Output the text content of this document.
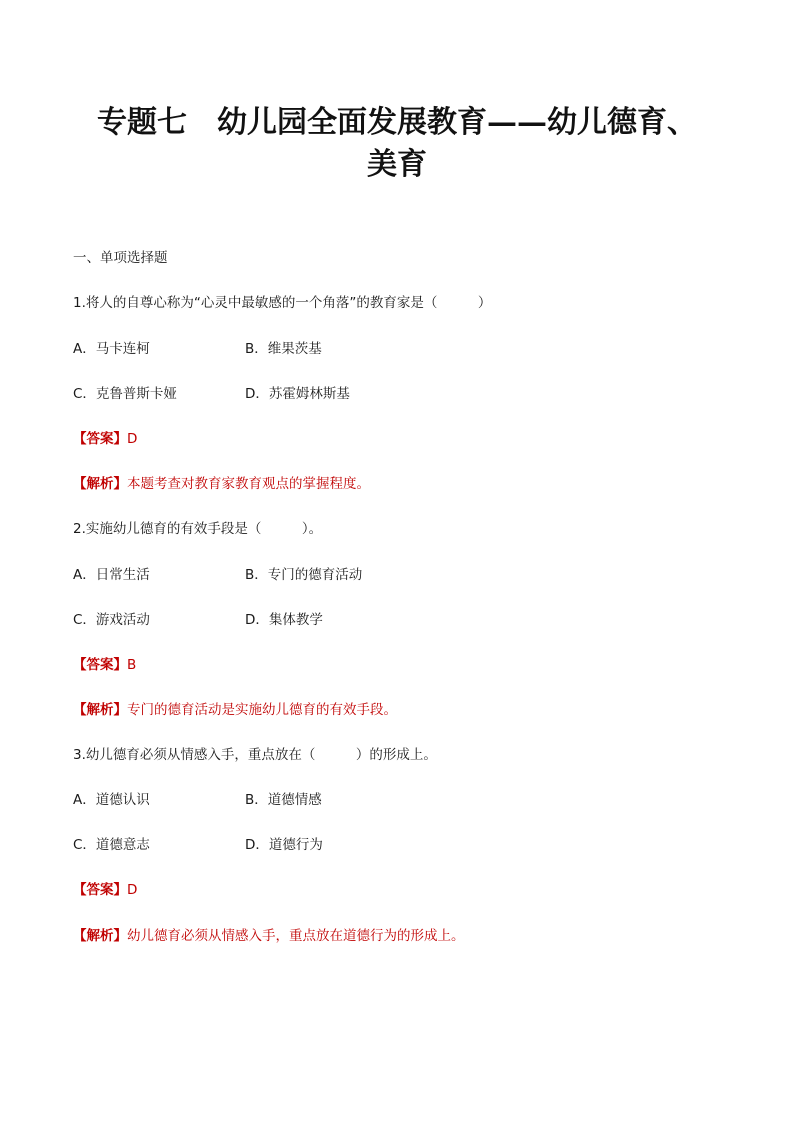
专题七　幼儿园全面发展教育——幼儿德育、
美育

一、单项选择题

1.将人的自尊心称为“心灵中最敏感的一个角落”的教育家是（　　　）
A．马卡连柯	B．维果茨基
C．克鲁普斯卡娅	D．苏霍姆林斯基
【答案】D
【解析】本题考查对教育家教育观点的掌握程度。
2.实施幼儿德育的有效手段是（　　　）。
A．日常生活	B．专门的德育活动
C．游戏活动	D．集体教学
【答案】B
【解析】专门的德育活动是实施幼儿德育的有效手段。
3.幼儿德育必须从情感入手，重点放在（　　　）的形成上。
A．道德认识	B．道德情感
C．道德意志	D．道德行为
【答案】D
【解析】幼儿德育必须从情感入手，重点放在道德行为的形成上。
